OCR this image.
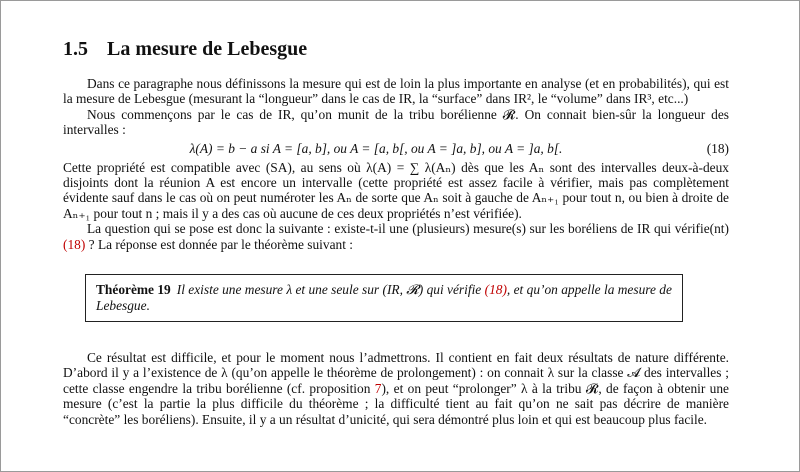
1.5 La mesure de Lebesgue

Dans ce paragraphe nous définissons la mesure qui est de loin la plus importante en analyse (et en probabilités), qui est la mesure de Lebesgue (mesurant la “longueur” dans le cas de IR, la “surface” dans IR², le “volume” dans IR³, etc...)

Nous commençons par le cas de IR, qu’on munit de la tribu borélienne 𝓡. On connait bien-sûr la longueur des intervalles :

λ(A) = b − a si A = [a, b], ou A = [a, b[, ou A = ]a, b], ou A = ]a, b[.	(18)

Cette propriété est compatible avec (SA), au sens où λ(A) = ∑ λ(Aₙ) dès que les Aₙ sont des intervalles deux-à-deux disjoints dont la réunion A est encore un intervalle (cette propriété est assez facile à vérifier, mais pas complètement évidente sauf dans le cas où on peut numéroter les Aₙ de sorte que Aₙ soit à gauche de Aₙ₊₁ pour tout n, ou bien à droite de Aₙ₊₁ pour tout n ; mais il y a des cas où aucune de ces deux propriétés n’est vérifiée).

La question qui se pose est donc la suivante : existe-t-il une (plusieurs) mesure(s) sur les boréliens de IR qui vérifie(nt) (18) ? La réponse est donnée par le théorème suivant :

Théorème 19 Il existe une mesure λ et une seule sur (IR, 𝓡) qui vérifie (18), et qu’on appelle la mesure de Lebesgue.

Ce résultat est difficile, et pour le moment nous l’admettrons. Il contient en fait deux résultats de nature différente. D’abord il y a l’existence de λ (qu’on appelle le théorème de prolongement) : on connait λ sur la classe 𝓐 des intervalles ; cette classe engendre la tribu borélienne (cf. proposition 7), et on peut “prolonger” λ à la tribu 𝓡, de façon à obtenir une mesure (c’est la partie la plus difficile du théorème ; la difficulté tient au fait qu’on ne sait pas décrire de manière “concrète” les boréliens). Ensuite, il y a un résultat d’unicité, qui sera démontré plus loin et qui est beaucoup plus facile.
